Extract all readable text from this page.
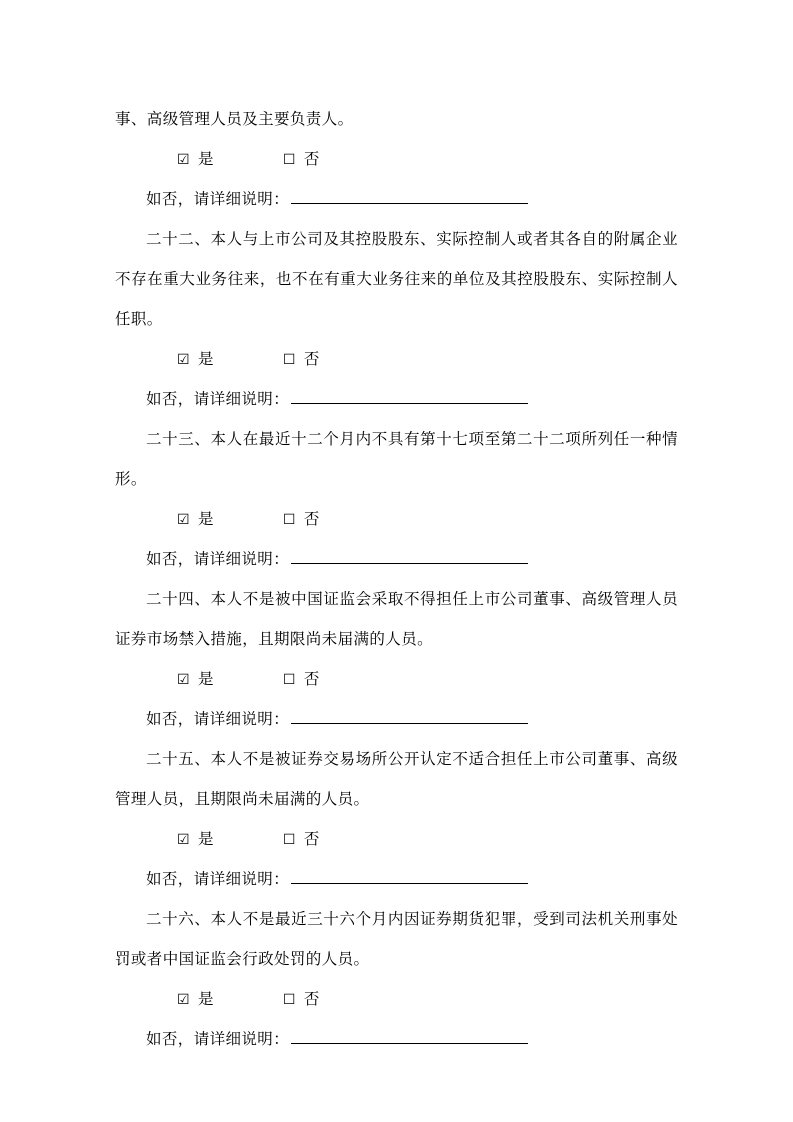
事、高级管理人员及主要负责人。

☑ 是	☐ 否
如否，请详细说明：

二十二、本人与上市公司及其控股股东、实际控制人或者其各自的附属企业不存在重大业务往来，也不在有重大业务往来的单位及其控股股东、实际控制人任职。

☑ 是	☐ 否
如否，请详细说明：

二十三、本人在最近十二个月内不具有第十七项至第二十二项所列任一种情形。

☑ 是	☐ 否
如否，请详细说明：

二十四、本人不是被中国证监会采取不得担任上市公司董事、高级管理人员证券市场禁入措施，且期限尚未届满的人员。

☑ 是	☐ 否
如否，请详细说明：

二十五、本人不是被证券交易场所公开认定不适合担任上市公司董事、高级管理人员，且期限尚未届满的人员。

☑ 是	☐ 否
如否，请详细说明：

二十六、本人不是最近三十六个月内因证券期货犯罪，受到司法机关刑事处罚或者中国证监会行政处罚的人员。

☑ 是	☐ 否
如否，请详细说明：
